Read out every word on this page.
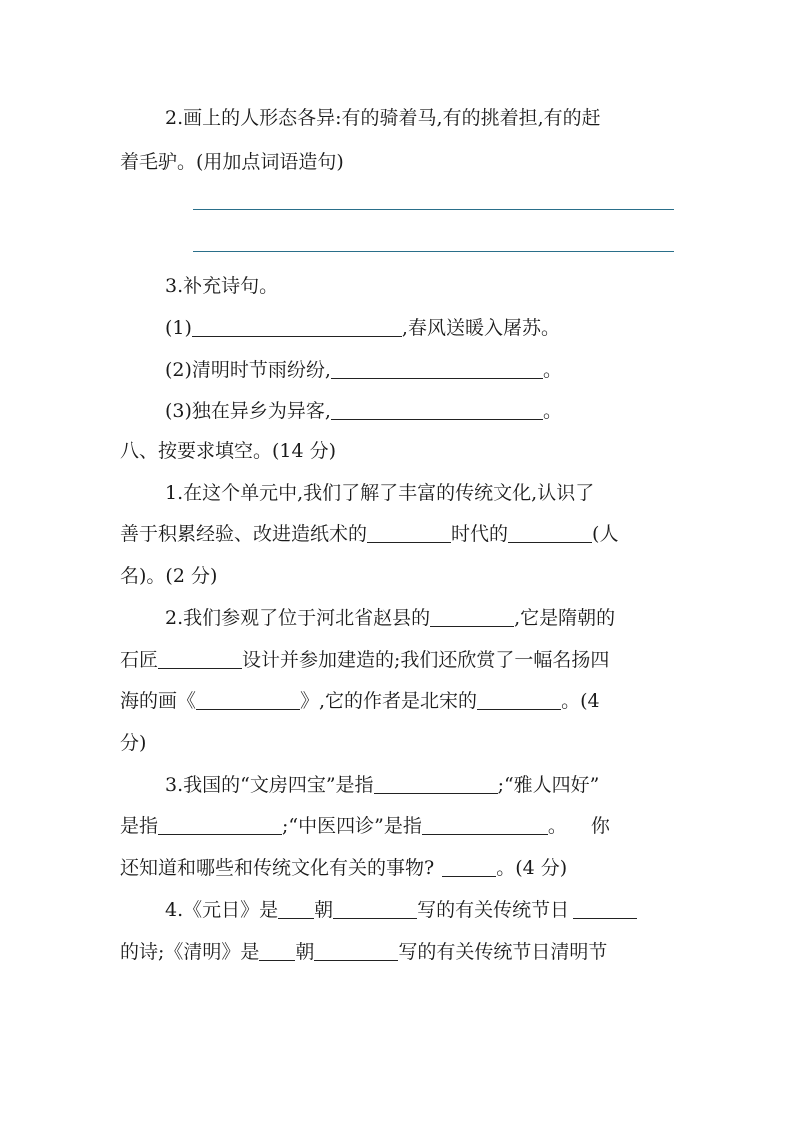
2.画上的人形态各异:有的骑着马,有的挑着担,有的赶
着毛驴。(用加点词语造句)
3.补充诗句。
(1)	,春风送暖入屠苏。
(2)清明时节雨纷纷,	。
(3)独在异乡为异客,	。
八、按要求填空。(14 分)
1.在这个单元中,我们了解了丰富的传统文化,认识了
善于积累经验、改进造纸术的	时代的	(人
名)。(2 分)
2.我们参观了位于河北省赵县的	,它是隋朝的
石匠	设计并参加建造的;我们还欣赏了一幅名扬四
海的画《	》,它的作者是北宋的	。(4
分)
3.我国的“文房四宝”是指	;“雅人四好”
是指	;“中医四诊”是指	。 你
还知道和哪些和传统文化有关的事物?	。(4 分)
4.《元日》是 朝	写的有关传统节日
的诗;《清明》是 朝	写的有关传统节日清明节
